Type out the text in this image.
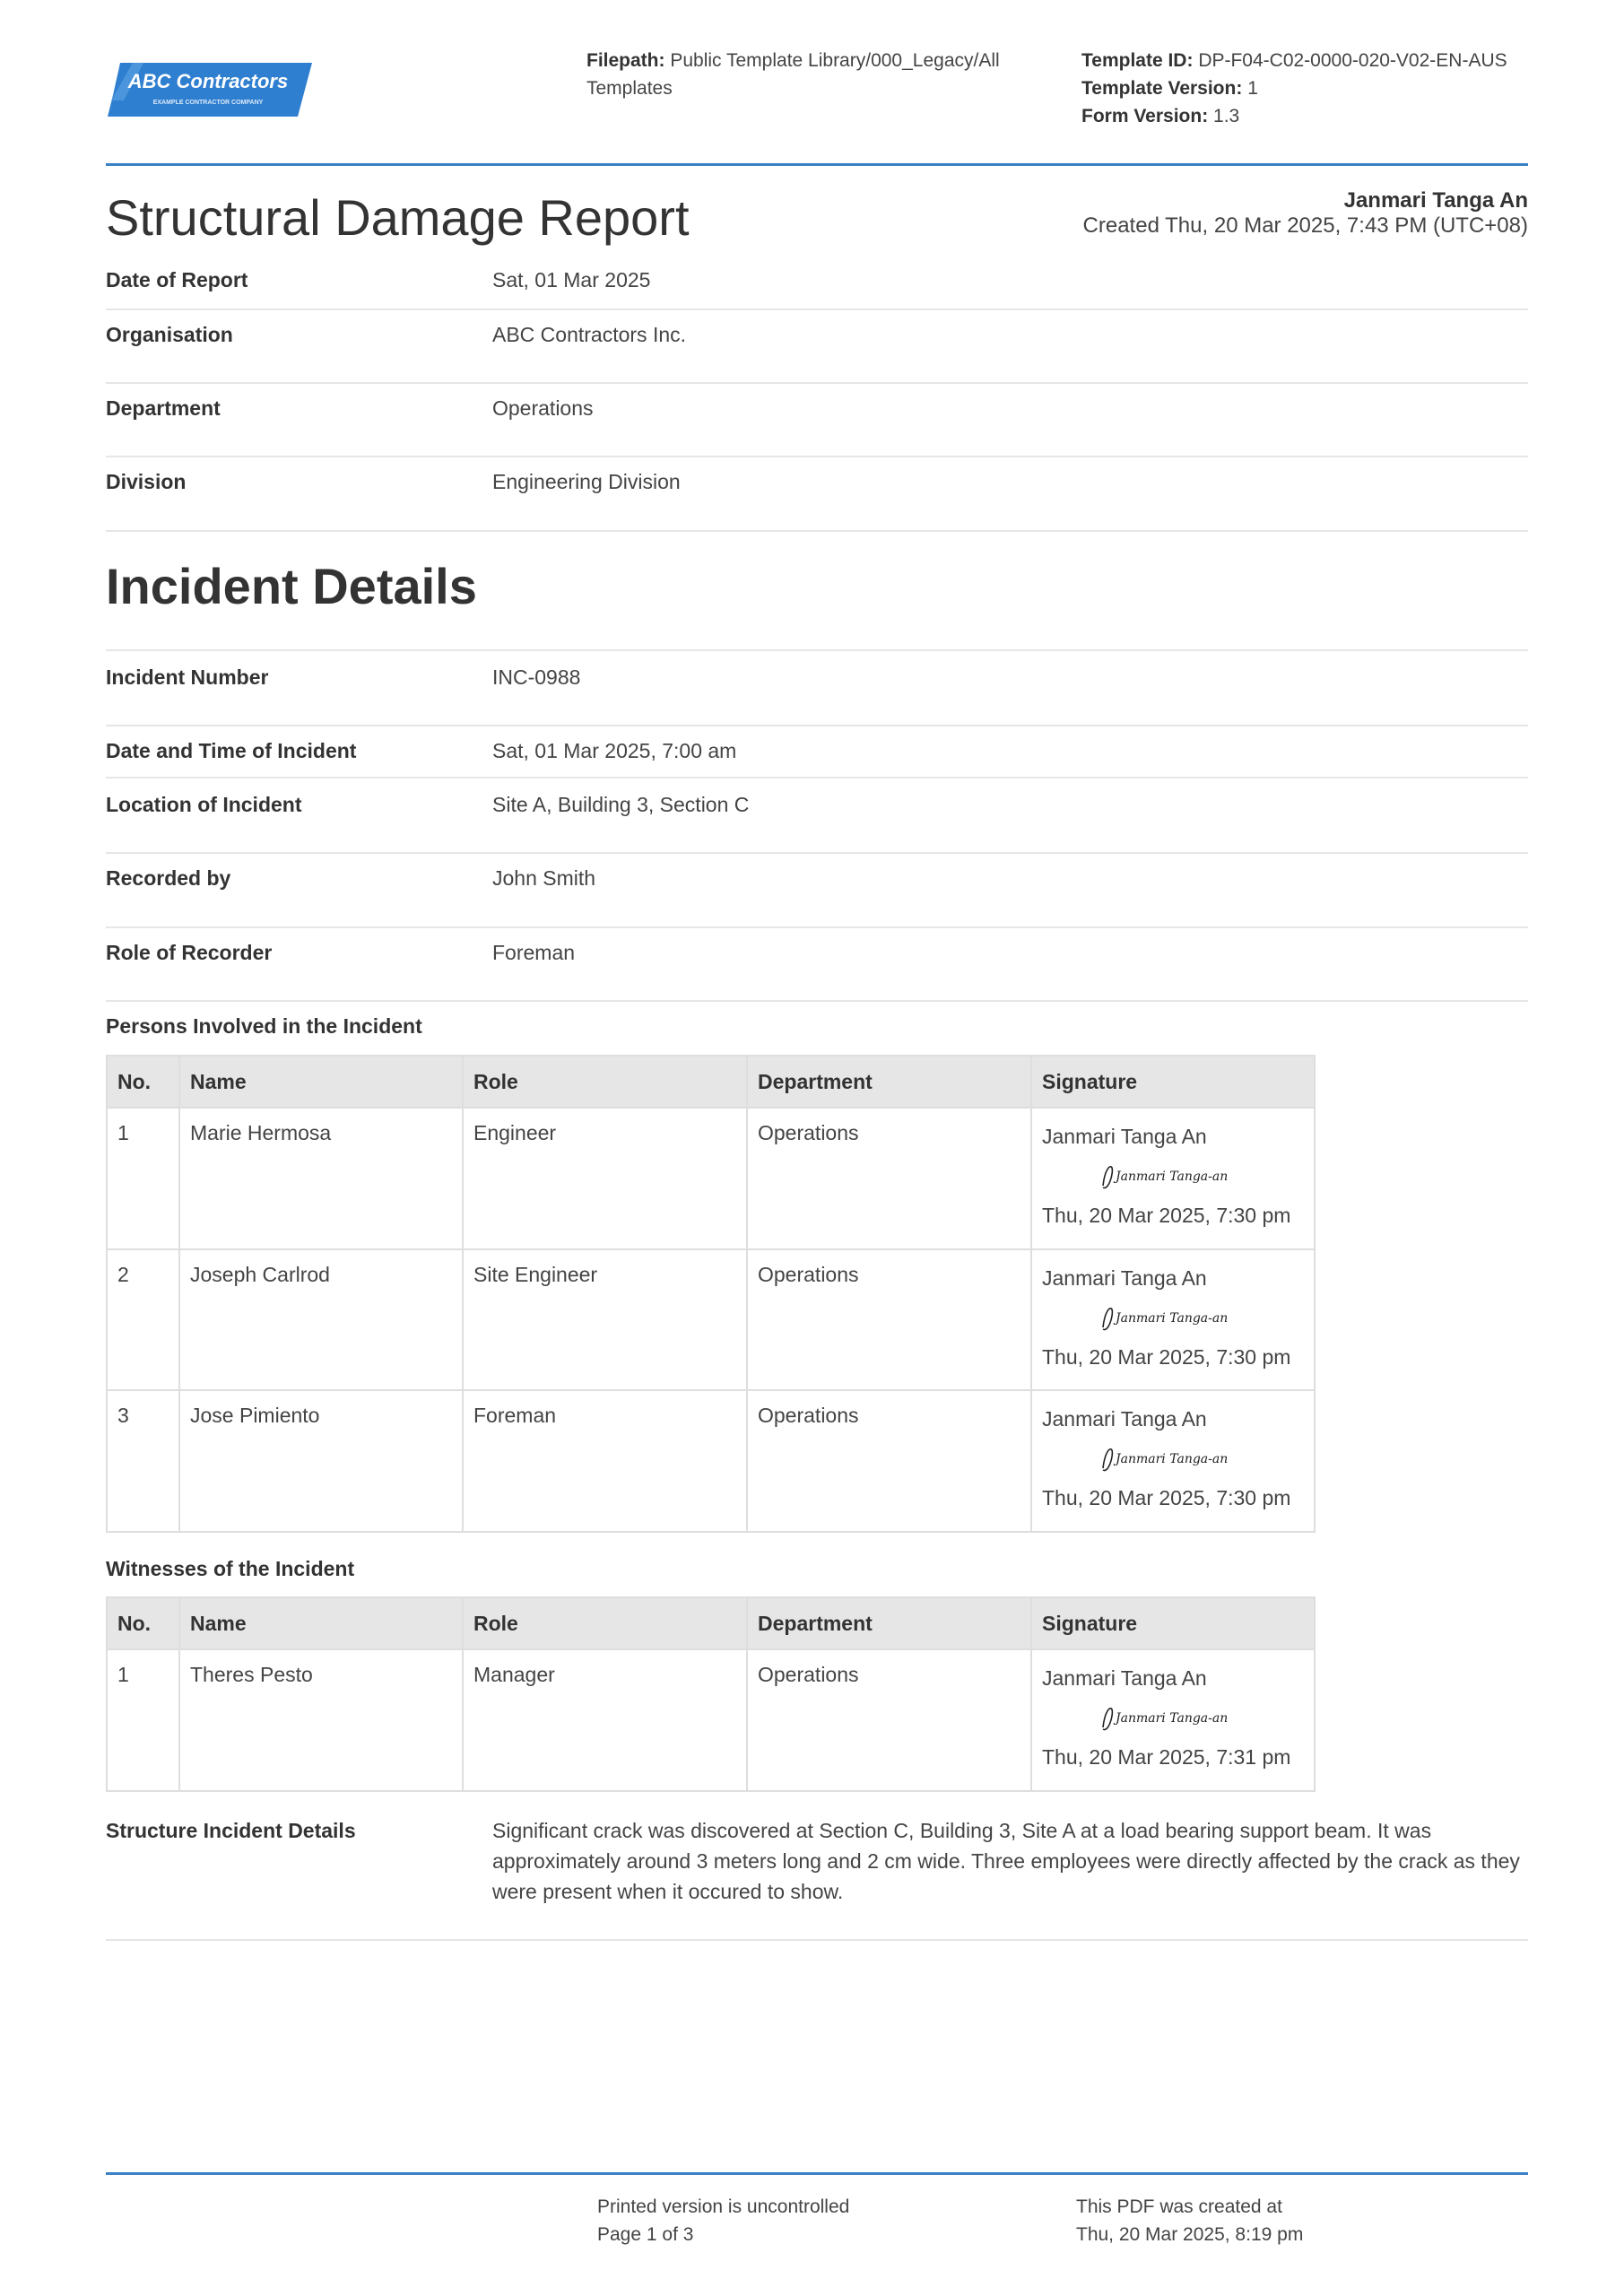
ABC Contractors
EXAMPLE CONTRACTOR COMPANY
Filepath: Public Template Library/000_Legacy/All Templates
Template ID: DP-F04-C02-0000-020-V02-EN-AUS
Template Version: 1
Form Version: 1.3
Structural Damage Report	Janmari Tanga An
Created Thu, 20 Mar 2025, 7:43 PM (UTC+08)
Date of Report	Sat, 01 Mar 2025
Organisation	ABC Contractors Inc.
Department	Operations
Division	Engineering Division
Incident Details
Incident Number	INC-0988
Date and Time of Incident	Sat, 01 Mar 2025, 7:00 am
Location of Incident	Site A, Building 3, Section C
Recorded by	John Smith
Role of Recorder	Foreman
Persons Involved in the Incident
No.	Name	Role	Department	Signature
1	Marie Hermosa	Engineer	Operations	Janmari Tanga An
Janmari Tanga-an
Thu, 20 Mar 2025, 7:30 pm

2	Joseph Carlrod	Site Engineer	Operations	Janmari Tanga An
Janmari Tanga-an
Thu, 20 Mar 2025, 7:30 pm

3	Jose Pimiento	Foreman	Operations	Janmari Tanga An
Janmari Tanga-an
Thu, 20 Mar 2025, 7:30 pm
Witnesses of the Incident
No.	Name	Role	Department	Signature
1	Theres Pesto	Manager	Operations	Janmari Tanga An
Janmari Tanga-an
Thu, 20 Mar 2025, 7:31 pm
Structure Incident Details	Significant crack was discovered at Section C, Building 3, Site A at a load bearing support beam. It was approximately around 3 meters long and 2 cm wide. Three employees were directly affected by the crack as they were present when it occured to show.
Printed version is uncontrolled
Page 1 of 3
This PDF was created at
Thu, 20 Mar 2025, 8:19 pm
